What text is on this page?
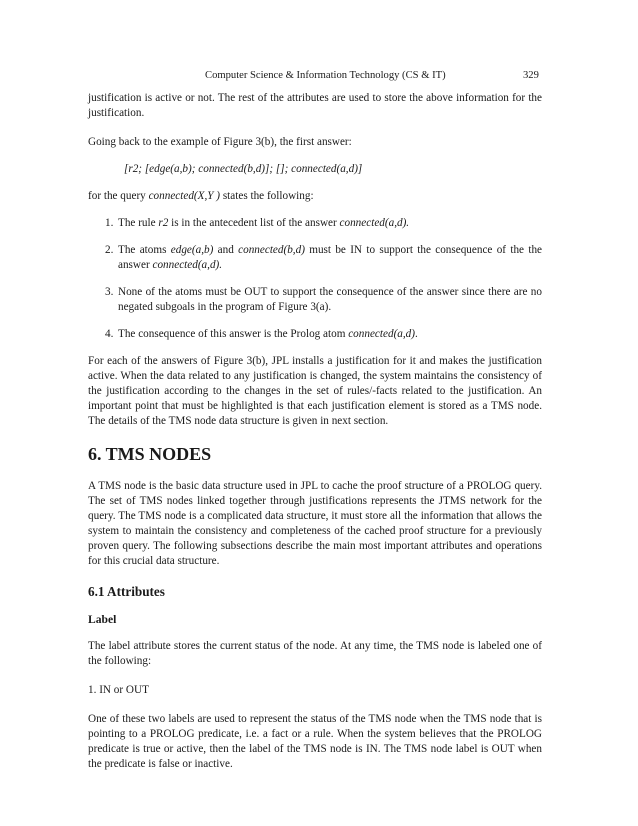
Computer Science & Information Technology (CS & IT)	329

justification is active or not. The rest of the attributes are used to store the above information for the justification.

Going back to the example of Figure 3(b), the first answer:

[r2; [edge(a,b); connected(b,d)]; []; connected(a,d)]

for the query connected(X,Y ) states the following:

1. The rule r2 is in the antecedent list of the answer connected(a,d).
2. The atoms edge(a,b) and connected(b,d) must be IN to support the consequence of the the answer connected(a,d).
3. None of the atoms must be OUT to support the consequence of the answer since there are no negated subgoals in the program of Figure 3(a).
4. The consequence of this answer is the Prolog atom connected(a,d).

For each of the answers of Figure 3(b), JPL installs a justification for it and makes the justification active. When the data related to any justification is changed, the system maintains the consistency of the justification according to the changes in the set of rules/-facts related to the justification. An important point that must be highlighted is that each justification element is stored as a TMS node. The details of the TMS node data structure is given in next section.

6. TMS NODES

A TMS node is the basic data structure used in JPL to cache the proof structure of a PROLOG query. The set of TMS nodes linked together through justifications represents the JTMS network for the query. The TMS node is a complicated data structure, it must store all the information that allows the system to maintain the consistency and completeness of the cached proof structure for a previously proven query. The following subsections describe the main most important attributes and operations for this crucial data structure.

6.1 Attributes
Label

The label attribute stores the current status of the node. At any time, the TMS node is labeled one of the following:

1. IN or OUT

One of these two labels are used to represent the status of the TMS node when the TMS node that is pointing to a PROLOG predicate, i.e. a fact or a rule. When the system believes that the PROLOG predicate is true or active, then the label of the TMS node is IN. The TMS node label is OUT when the predicate is false or inactive.
